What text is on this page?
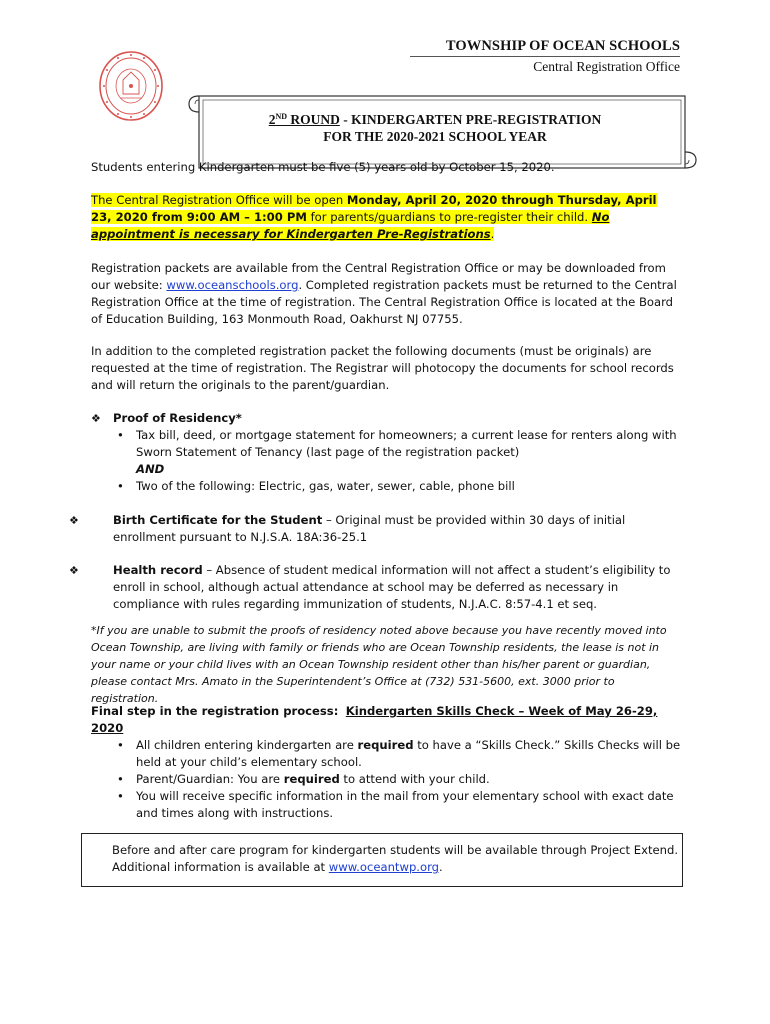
TOWNSHIP OF OCEAN SCHOOLS
Central Registration Office
2ND ROUND - KINDERGARTEN PRE-REGISTRATION
FOR THE 2020-2021 SCHOOL YEAR
Students entering Kindergarten must be five (5) years old by October 15, 2020.
The Central Registration Office will be open Monday, April 20, 2020 through Thursday, April 23, 2020 from 9:00 AM – 1:00 PM for parents/guardians to pre-register their child. No appointment is necessary for Kindergarten Pre-Registrations.
Registration packets are available from the Central Registration Office or may be downloaded from our website: www.oceanschools.org. Completed registration packets must be returned to the Central Registration Office at the time of registration. The Central Registration Office is located at the Board of Education Building, 163 Monmouth Road, Oakhurst NJ 07755.
In addition to the completed registration packet the following documents (must be originals) are requested at the time of registration. The Registrar will photocopy the documents for school records and will return the originals to the parent/guardian.
❖ Proof of Residency*
• Tax bill, deed, or mortgage statement for homeowners; a current lease for renters along with Sworn Statement of Tenancy (last page of the registration packet)
AND
• Two of the following: Electric, gas, water, sewer, cable, phone bill
❖	Birth Certificate for the Student – Original must be provided within 30 days of initial enrollment pursuant to N.J.S.A. 18A:36-25.1
❖	Health record – Absence of student medical information will not affect a student’s eligibility to enroll in school, although actual attendance at school may be deferred as necessary in compliance with rules regarding immunization of students, N.J.A.C. 8:57-4.1 et seq.
*If you are unable to submit the proofs of residency noted above because you have recently moved into Ocean Township, are living with family or friends who are Ocean Township residents, the lease is not in your name or your child lives with an Ocean Township resident other than his/her parent or guardian, please contact Mrs. Amato in the Superintendent’s Office at (732) 531-5600, ext. 3000 prior to registration.
Final step in the registration process: Kindergarten Skills Check – Week of May 26-29, 2020
• All children entering kindergarten are required to have a “Skills Check.” Skills Checks will be held at your child’s elementary school.
• Parent/Guardian: You are required to attend with your child.
• You will receive specific information in the mail from your elementary school with exact date and times along with instructions.
Before and after care program for kindergarten students will be available through Project Extend. Additional information is available at www.oceantwp.org.
